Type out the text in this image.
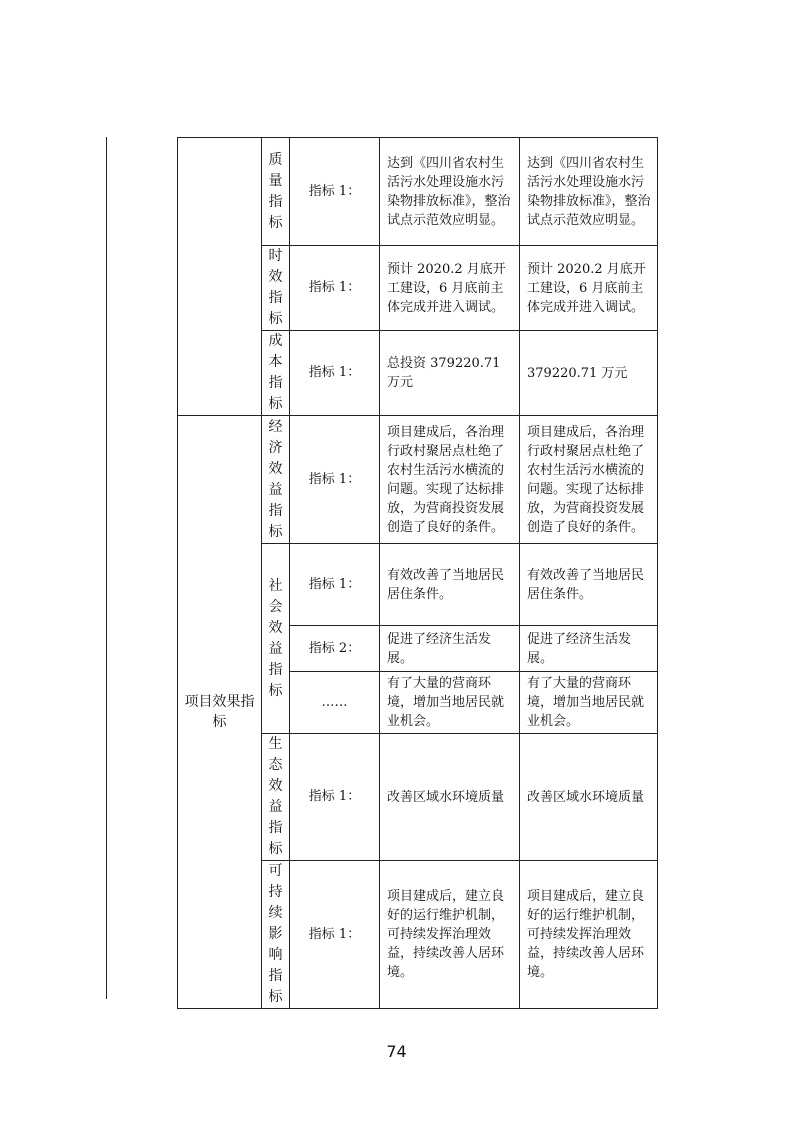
	质量指标	指标 1：	达到《四川省农村生活污水处理设施水污染物排放标准》，整治试点示范效应明显。	达到《四川省农村生活污水处理设施水污染物排放标准》，整治试点示范效应明显。

	时效指标	指标 1：	预计 2020.2 月底开工建设，6 月底前主体完成并进入调试。	预计 2020.2 月底开工建设，6 月底前主体完成并进入调试。

	成本指标	指标 1：	总投资 379220.71 万元	379220.71 万元

项目效果指标	经济效益指标	指标 1：	项目建成后，各治理行政村聚居点杜绝了农村生活污水横流的问题。实现了达标排放，为营商投资发展创造了良好的条件。	项目建成后，各治理行政村聚居点杜绝了农村生活污水横流的问题。实现了达标排放，为营商投资发展创造了良好的条件。

	社会效益指标	指标 1：	有效改善了当地居民居住条件。	有效改善了当地居民居住条件。

		指标 2：	促进了经济生活发展。	促进了经济生活发展。

		……	有了大量的营商环境，增加当地居民就业机会。	有了大量的营商环境，增加当地居民就业机会。

	生态效益指标	指标 1：	改善区域水环境质量	改善区域水环境质量

	可持续影响指标	指标 1：	项目建成后，建立良好的运行维护机制，可持续发挥治理效益，持续改善人居环境。	项目建成后，建立良好的运行维护机制，可持续发挥治理效益，持续改善人居环境。
74
